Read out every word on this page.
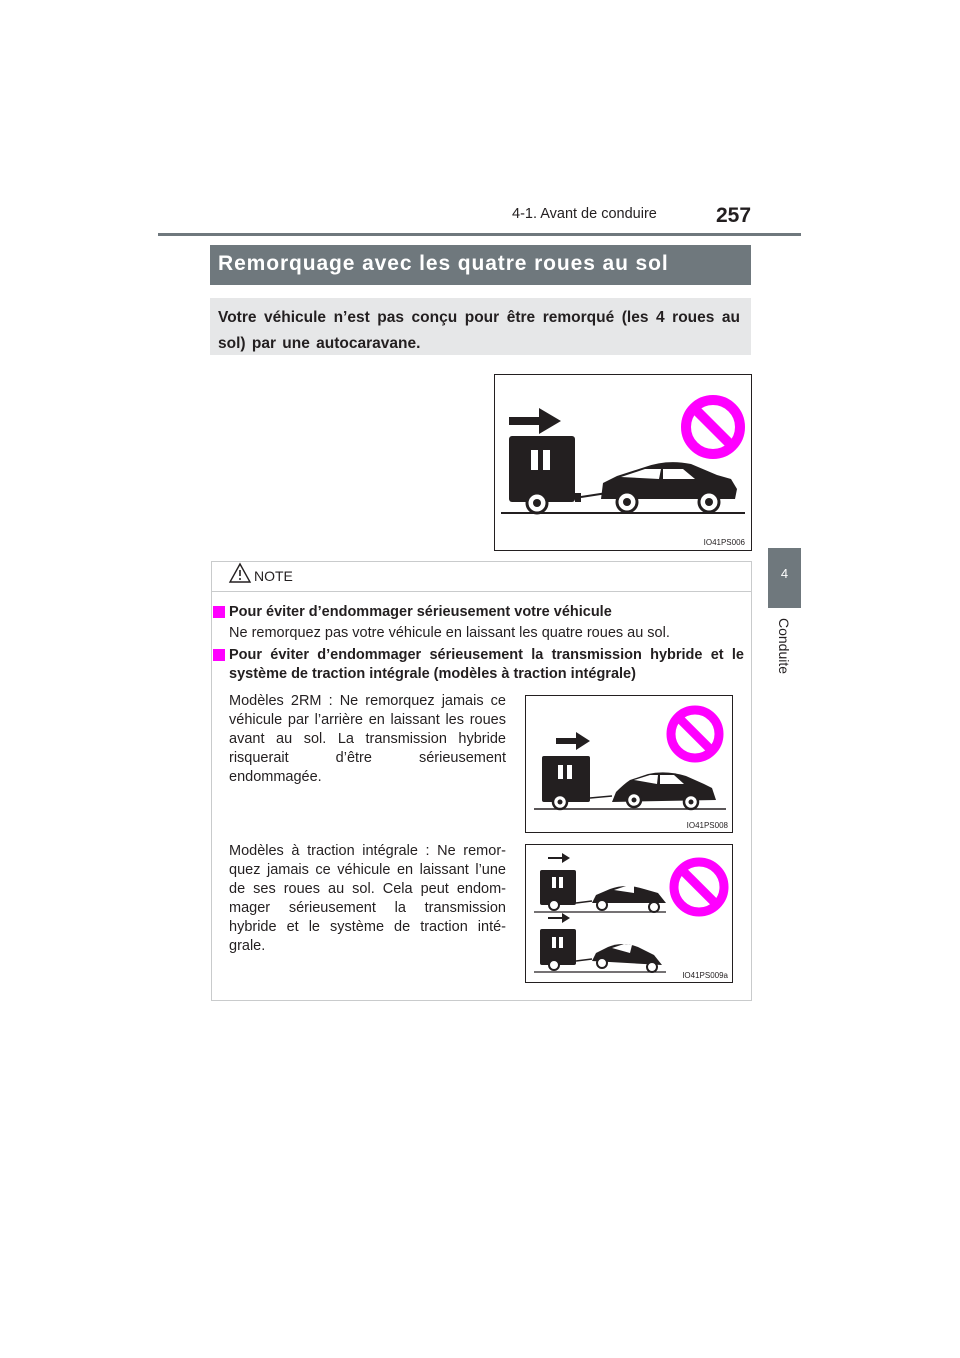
4-1. Avant de conduire	257
4
Conduite
Remorquage avec les quatre roues au sol
Votre véhicule n’est pas conçu pour être remorqué (les 4 roues au sol) par une autocaravane.
IO41PS006
NOTE
Pour éviter d’endommager sérieusement votre véhicule
Ne remorquez pas votre véhicule en laissant les quatre roues au sol.
Pour éviter d’endommager sérieusement la transmission hybride et le système de traction intégrale (modèles à traction intégrale)
Modèles 2RM : Ne remorquez jamais ce véhicule par l’arrière en laissant les roues avant au sol. La transmission hybride risquerait d’être sérieusement endommagée.
Modèles à traction intégrale : Ne remor-quez jamais ce véhicule en laissant l’une de ses roues au sol. Cela peut endom-mager sérieusement la transmission hybride et le système de traction inté-grale.
IO41PS008
IO41PS009a
